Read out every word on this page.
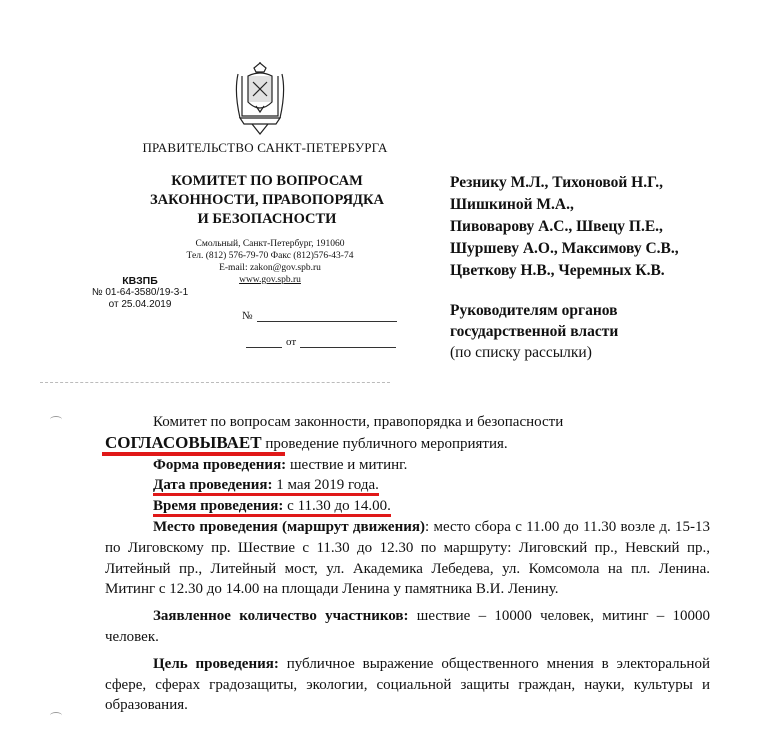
ПРАВИТЕЛЬСТВО САНКТ-ПЕТЕРБУРГА
КОМИТЕТ ПО ВОПРОСАМ
ЗАКОННОСТИ, ПРАВОПОРЯДКА
И БЕЗОПАСНОСТИ
Смольный, Санкт-Петербург, 191060
Тел. (812) 576-79-70 Факс (812)576-43-74
E-mail: zakon@gov.spb.ru
www.gov.spb.ru
КВЗПБ
№ 01-64-3580/19-3-1
от 25.04.2019
№
от
Резнику М.Л., Тихоновой Н.Г.,
Шишкиной М.А.,
Пивоварову А.С., Швецу П.Е.,
Шуршеву А.О., Максимову С.В.,
Цветкову Н.В., Черемных К.В.
Руководителям органов
государственной власти
(по списку рассылки)

Комитет по вопросам законности, правопорядка и безопасности

СОГЛАСОВЫВАЕТ проведение публичного мероприятия.

Форма проведения: шествие и митинг.

Дата проведения: 1 мая 2019 года.

Время проведения: с 11.30 до 14.00.

Место проведения (маршрут движения): место сбора с 11.00 до 11.30 возле д. 15-13 по Лиговскому пр. Шествие с 11.30 до 12.30 по маршруту: Лиговский пр., Невский пр., Литейный пр., Литейный мост, ул. Академика Лебедева, ул. Комсомола на пл. Ленина. Митинг с 12.30 до 14.00 на площади Ленина у памятника В.И. Ленину.

Заявленное количество участников: шествие – 10000 человек, митинг – 10000 человек.

Цель проведения: публичное выражение общественного мнения в электоральной сфере, сферах градозащиты, экологии, социальной защиты граждан, науки, культуры и образования.
